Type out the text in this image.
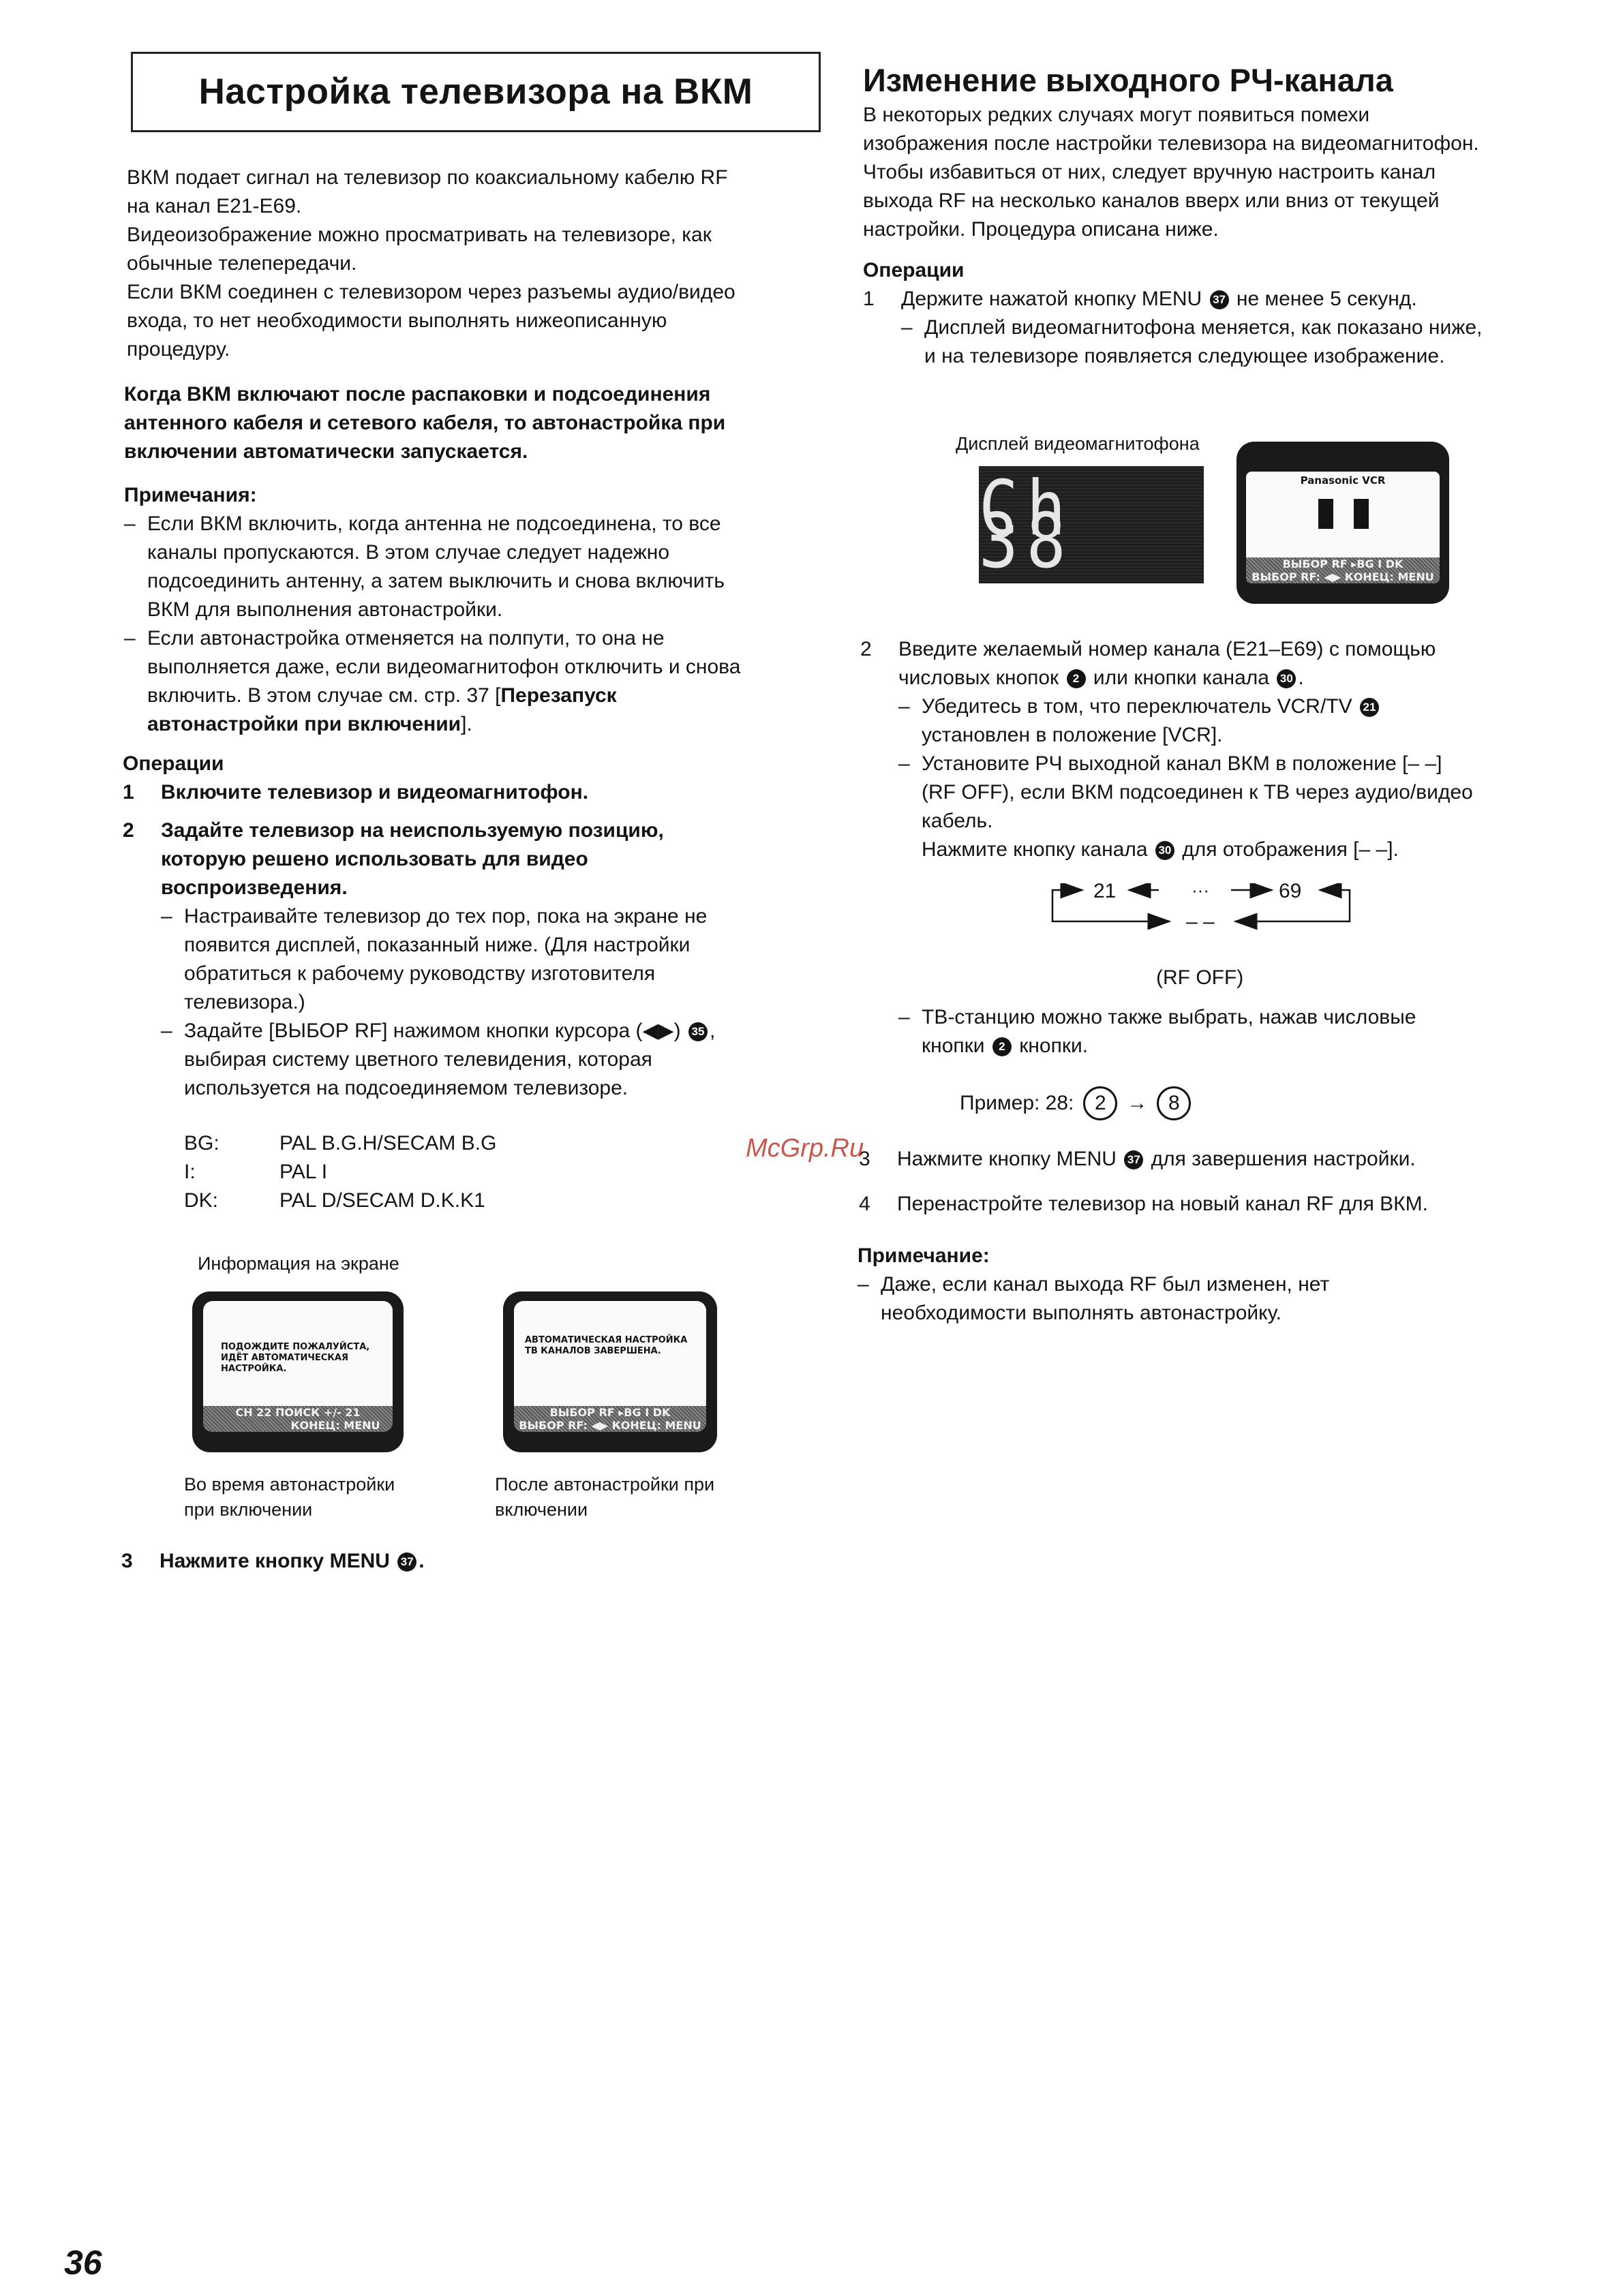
Настройка телевизора на ВКМ

ВКМ подает сигнал на телевизор по коаксиальному кабелю RF

на канал E21-E69.

Видеоизображение можно просматривать на телевизоре, как

обычные телепередачи.

Если ВКМ соединен с телевизором через разъемы аудио/видео

входа, то нет необходимости выполнять нижеописанную

процедуру.

Когда ВКМ включают после распаковки и подсоединения

антенного кабеля и сетевого кабеля, то автонастройка при

включении автоматически запускается.

Примечания:

– Если ВКМ включить, когда антенна не подсоединена, то все

каналы пропускаются. В этом случае следует надежно

подсоединить антенну, а затем выключить и снова включить

ВКМ для выполнения автонастройки.

– Если автонастройка отменяется на полпути, то она не

выполняется даже, если видеомагнитофон отключить и снова

включить. В этом случае см. стр. 37 [Перезапуск

автонастройки при включении].

Операции

1 Включите телевизор и видеомагнитофон.

2 Задайте телевизор на неиспользуемую позицию,

которую решено использовать для видео

воспроизведения.

– Настраивайте телевизор до тех пор, пока на экране не

появится дисплей, показанный ниже. (Для настройки

обратиться к рабочему руководству изготовителя

телевизора.)

– Задайте [ВЫБОР RF] нажимом кнопки курсора (◀▶) 35 ,

выбирая систему цветного телевидения, которая

используется на подсоединяемом телевизоре.

BG:	PAL B.G.H/SECAM B.G
I:	PAL I
DK:	PAL D/SECAM D.K.K1

Информация на экране

ПОДОЖДИТЕ ПОЖАЛУЙСТА,

ИДЁТ АВТОМАТИЧЕСКАЯ

НАСТРОЙКА.

CH 22 ПОИСК +/- 21

КОНЕЦ: MENU

АВТОМАТИЧЕСКАЯ НАСТРОЙКА

ТВ КАНАЛОВ ЗАВЕРШЕНА.

ВЫБОР RF ▸BG I DK

ВЫБОР RF: ◀▶ КОНЕЦ: MENU

Во время автонастройки

при включении

После автонастройки при

включении

3 Нажмите кнопку MENU 37 .

Изменение выходного РЧ-канала

В некоторых редких случаях могут появиться помехи

изображения после настройки телевизора на видеомагнитофон.

Чтобы избавиться от них, следует вручную настроить канал

выхода RF на несколько каналов вверх или вниз от текущей

настройки. Процедура описана ниже.

Операции

1 Держите нажатой кнопку MENU 37 не менее 5 секунд.

– Дисплей видеомагнитофона меняется, как показано ниже,

и на телевизоре появляется следующее изображение.

Дисплей видеомагнитофона

Ch 38

Panasonic VCR

ВЫБОР RF ▸BG I DK

ВЫБОР RF: ◀▶ КОНЕЦ: MENU

2 Введите желаемый номер канала (E21–E69) с помощью

числовых кнопок 2 или кнопки канала 30 .

– Убедитесь в том, что переключатель VCR/TV 21

установлен в положение [VCR].

– Установите РЧ выходной канал ВКМ в положение [– –]

(RF OFF), если ВКМ подсоединен к ТВ через аудио/видео

кабель.

Нажмите кнопку канала 30 для отображения [– –].

21	···	69
– –

(RF OFF)

– ТВ-станцию можно также выбрать, нажав числовые

кнопки 2 кнопки.

Пример: 28:	2	→	8
3 Нажмите кнопку MENU 37 для завершения настройки.

4 Перенастройте телевизор на новый канал RF для ВКМ.

Примечание:

– Даже, если канал выхода RF был изменен, нет

необходимости выполнять автонастройку.

McGrp.Ru

36
